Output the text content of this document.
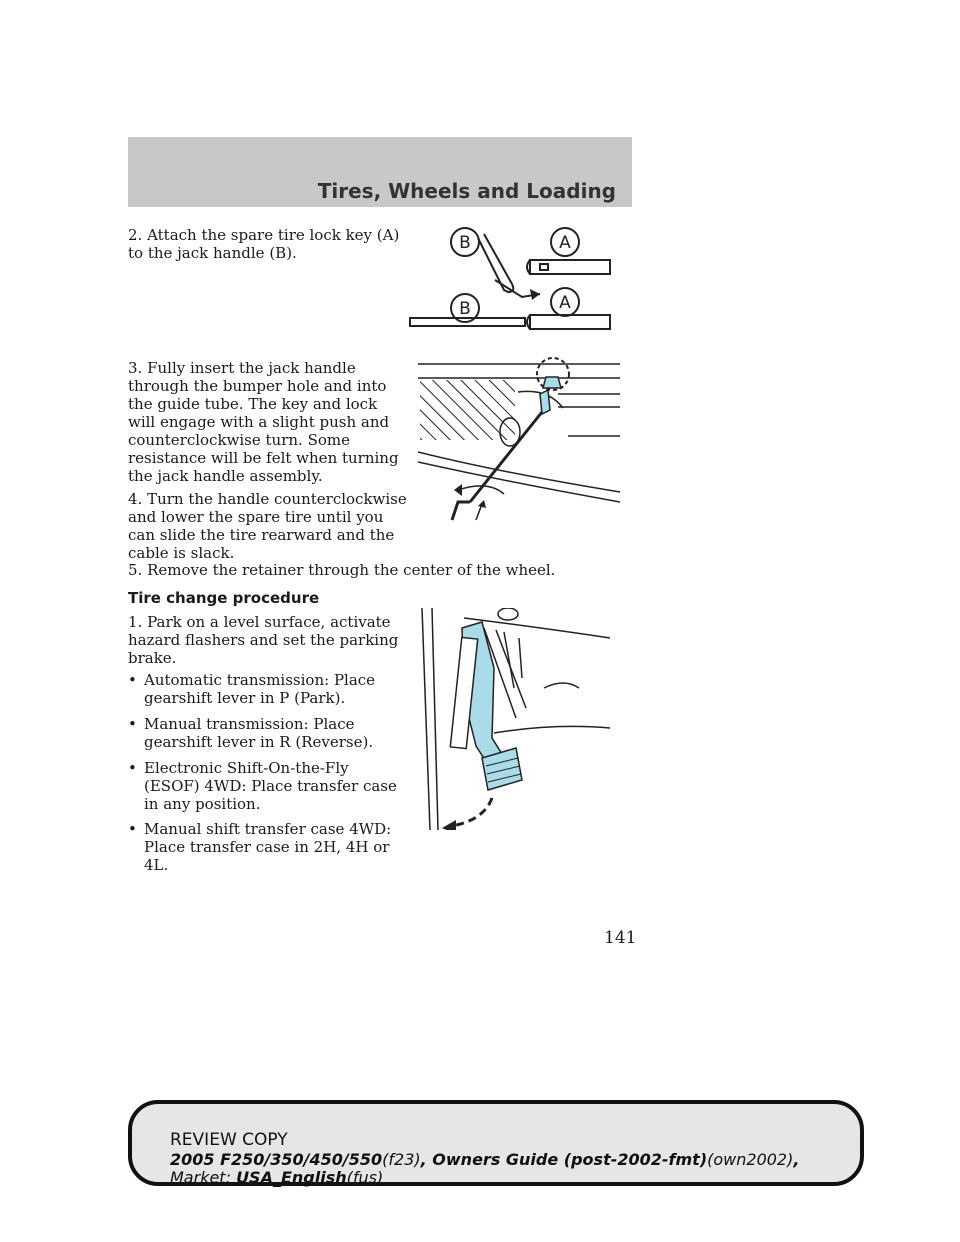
Tires, Wheels and Loading
2. Attach the spare tire lock key (A)
to the jack handle (B).
3. Fully insert the jack handle
through the bumper hole and into
the guide tube. The key and lock
will engage with a slight push and
counterclockwise turn. Some
resistance will be felt when turning
the jack handle assembly.
4. Turn the handle counterclockwise
and lower the spare tire until you
can slide the tire rearward and the
cable is slack.
5. Remove the retainer through the center of the wheel.
Tire change procedure
1. Park on a level surface, activate
hazard flashers and set the parking
brake.
• Automatic transmission: Place
gearshift lever in P (Park).
• Manual transmission: Place
gearshift lever in R (Reverse).
• Electronic Shift-On-the-Fly
(ESOF) 4WD: Place transfer case
in any position.
• Manual shift transfer case 4WD:
Place transfer case in 2H, 4H or
4L.
B	A
B	A
141
REVIEW COPY
2005 F250/350/450/550(f23), Owners Guide (post-2002-fmt)(own2002),
Market: USA_English(fus)
